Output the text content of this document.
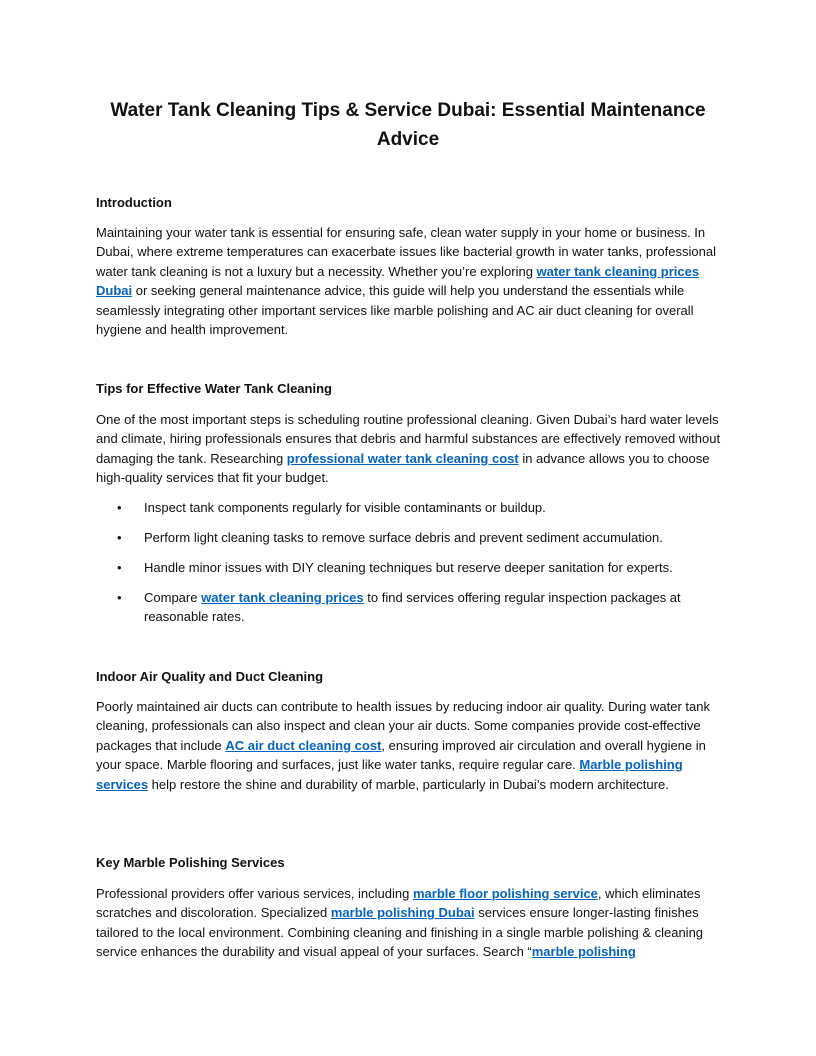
Water Tank Cleaning Tips & Service Dubai: Essential Maintenance Advice
Introduction

Maintaining your water tank is essential for ensuring safe, clean water supply in your home or business. In Dubai, where extreme temperatures can exacerbate issues like bacterial growth in water tanks, professional water tank cleaning is not a luxury but a necessity. Whether you’re exploring water tank cleaning prices Dubai or seeking general maintenance advice, this guide will help you understand the essentials while seamlessly integrating other important services like marble polishing and AC air duct cleaning for overall hygiene and health improvement.

Tips for Effective Water Tank Cleaning

One of the most important steps is scheduling routine professional cleaning. Given Dubai’s hard water levels and climate, hiring professionals ensures that debris and harmful substances are effectively removed without damaging the tank. Researching professional water tank cleaning cost in advance allows you to choose high-quality services that fit your budget.

• Inspect tank components regularly for visible contaminants or buildup.

• Perform light cleaning tasks to remove surface debris and prevent sediment accumulation.

• Handle minor issues with DIY cleaning techniques but reserve deeper sanitation for experts.

• Compare water tank cleaning prices to find services offering regular inspection packages at reasonable rates.

Indoor Air Quality and Duct Cleaning

Poorly maintained air ducts can contribute to health issues by reducing indoor air quality. During water tank cleaning, professionals can also inspect and clean your air ducts. Some companies provide cost-effective packages that include AC air duct cleaning cost, ensuring improved air circulation and overall hygiene in your space. Marble flooring and surfaces, just like water tanks, require regular care. Marble polishing services help restore the shine and durability of marble, particularly in Dubai’s modern architecture.

Key Marble Polishing Services

Professional providers offer various services, including marble floor polishing service, which eliminates scratches and discoloration. Specialized marble polishing Dubai services ensure longer-lasting finishes tailored to the local environment. Combining cleaning and finishing in a single marble polishing & cleaning service enhances the durability and visual appeal of your surfaces. Search “marble polishing
